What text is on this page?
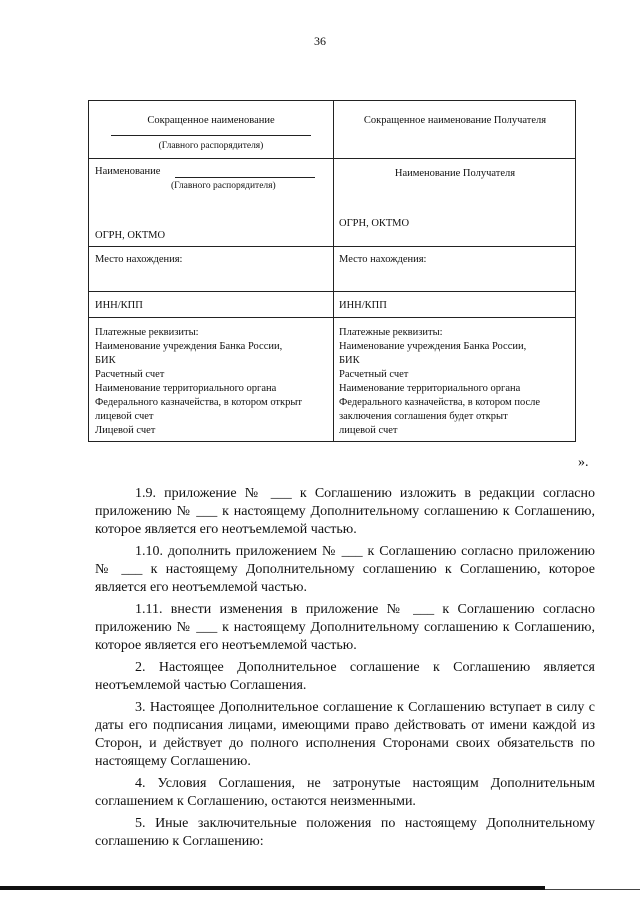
36
Сокращенное наименование
(Главного распорядителя)
Сокращенное наименование Получателя
Наименование
(Главного распорядителя)
ОГРН, ОКТМО
Наименование Получателя
ОГРН, ОКТМО
Место нахождения:	Место нахождения:
ИНН/КПП	ИНН/КПП
Платежные реквизиты:
Наименование учреждения Банка России,
БИК
Расчетный счет
Наименование территориального органа
Федерального казначейства, в котором открыт
лицевой счет
Лицевой счет
Платежные реквизиты:
Наименование учреждения Банка России,
БИК
Расчетный счет
Наименование территориального органа
Федерального казначейства, в котором после
заключения соглашения будет открыт
лицевой счет
».

1.9. приложение № ___ к Соглашению изложить в редакции согласно приложению № ___ к настоящему Дополнительному соглашению к Соглашению, которое является его неотъемлемой частью.

1.10. дополнить приложением № ___ к Соглашению согласно приложению № ___ к настоящему Дополнительному соглашению к Соглашению, которое является его неотъемлемой частью.

1.11. внести изменения в приложение № ___ к Соглашению согласно приложению № ___ к настоящему Дополнительному соглашению к Соглашению, которое является его неотъемлемой частью.

2. Настоящее Дополнительное соглашение к Соглашению является неотъемлемой частью Соглашения.

3. Настоящее Дополнительное соглашение к Соглашению вступает в силу с даты его подписания лицами, имеющими право действовать от имени каждой из Сторон, и действует до полного исполнения Сторонами своих обязательств по настоящему Соглашению.

4. Условия Соглашения, не затронутые настоящим Дополнительным соглашением к Соглашению, остаются неизменными.

5. Иные заключительные положения по настоящему Дополнительному соглашению к Соглашению:
